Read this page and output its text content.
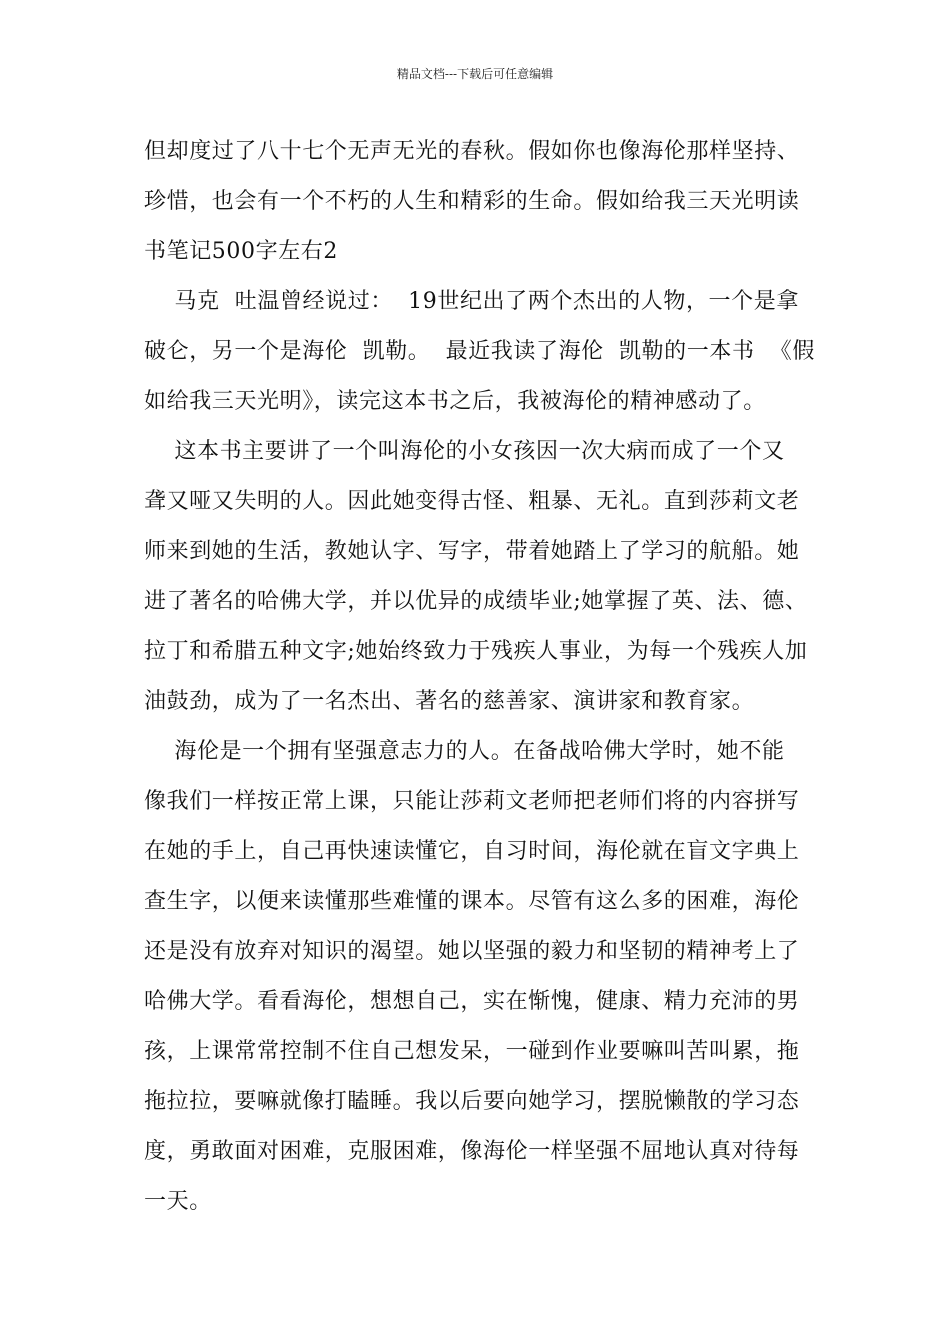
精品文档---下载后可任意编辑
但却度过了八十七个无声无光的春秋。假如你也像海伦那样坚持、
珍惜，也会有一个不朽的人生和精彩的生命。假如给我三天光明读
书笔记500字左右2
马克  吐温曾经说过：  19世纪出了两个杰出的人物，一个是拿
破仑，另一个是海伦  凯勒。  最近我读了海伦  凯勒的一本书  《假
如给我三天光明》，读完这本书之后，我被海伦的精神感动了。
这本书主要讲了一个叫海伦的小女孩因一次大病而成了一个又
聋又哑又失明的人。因此她变得古怪、粗暴、无礼。直到莎莉文老
师来到她的生活，教她认字、写字，带着她踏上了学习的航船。她
进了著名的哈佛大学，并以优异的成绩毕业;她掌握了英、法、德、
拉丁和希腊五种文字;她始终致力于残疾人事业，为每一个残疾人加
油鼓劲，成为了一名杰出、著名的慈善家、演讲家和教育家。
海伦是一个拥有坚强意志力的人。在备战哈佛大学时，她不能
像我们一样按正常上课，只能让莎莉文老师把老师们将的内容拼写
在她的手上，自己再快速读懂它，自习时间，海伦就在盲文字典上
查生字，以便来读懂那些难懂的课本。尽管有这么多的困难，海伦
还是没有放弃对知识的渴望。她以坚强的毅力和坚韧的精神考上了
哈佛大学。看看海伦，想想自己，实在惭愧，健康、精力充沛的男
孩，上课常常控制不住自己想发呆，一碰到作业要嘛叫苦叫累，拖
拖拉拉，要嘛就像打瞌睡。我以后要向她学习，摆脱懒散的学习态
度，勇敢面对困难，克服困难，像海伦一样坚强不屈地认真对待每
一天。
